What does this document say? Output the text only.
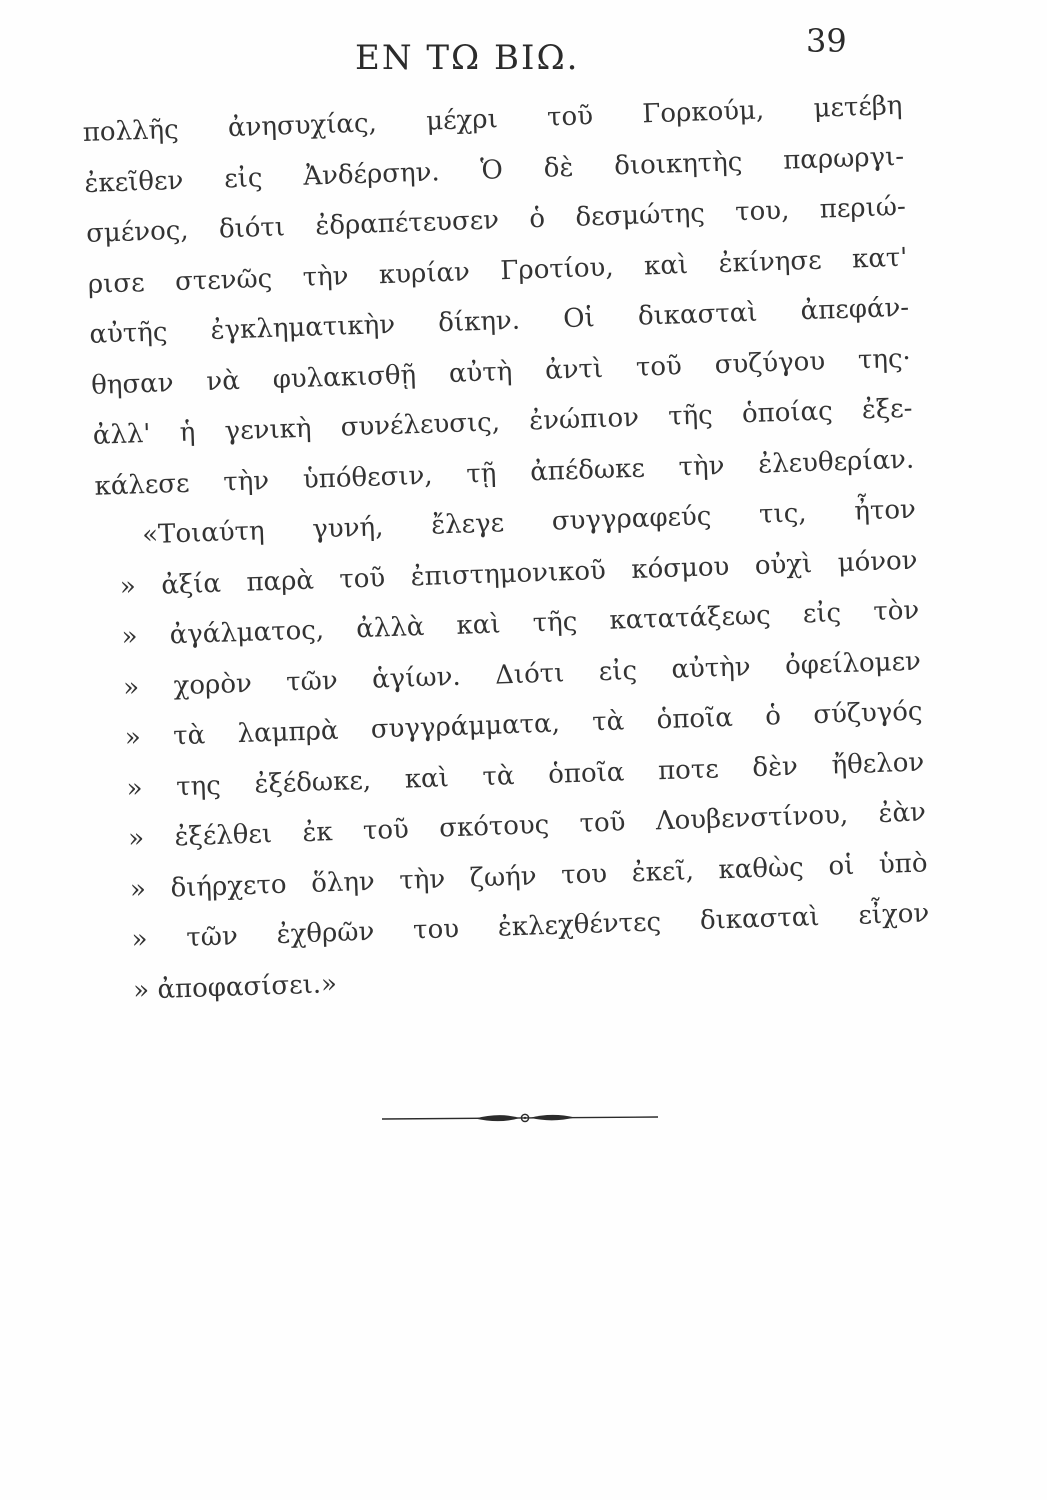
ΕΝ ΤΩ ΒΙΩ.	39
πολλῆς ἀνησυχίας, μέχρι τοῦ Γορκούμ, μετέβη
ἐκεῖθεν εἰς Ἀνδέρσην. Ὁ δὲ διοικητὴς παρωργι-
σμένος, διότι ἐδραπέτευσεν ὁ δεσμώτης του, περιώ-
ρισε στενῶς τὴν κυρίαν Γροτίου, καὶ ἐκίνησε κατ'
αὐτῆς ἐγκληματικὴν δίκην. Οἱ δικασταὶ ἀπεφάν-
θησαν νὰ φυλακισθῇ αὐτὴ ἀντὶ τοῦ συζύγου της·
ἀλλ' ἡ γενικὴ συνέλευσις, ἐνώπιον τῆς ὁποίας ἐξε-
κάλεσε τὴν ὑπόθεσιν, τῇ ἀπέδωκε τὴν ἐλευθερίαν.
«Τοιαύτη γυνή, ἔλεγε συγγραφεύς τις, ἦτον
» ἀξία παρὰ τοῦ ἐπιστημονικοῦ κόσμου οὐχὶ μόνον
» ἀγάλματος, ἀλλὰ καὶ τῆς κατατάξεως εἰς τὸν
» χορὸν τῶν ἁγίων. Διότι εἰς αὐτὴν ὀφείλομεν
» τὰ λαμπρὰ συγγράμματα, τὰ ὁποῖα ὁ σύζυγός
» της ἐξέδωκε, καὶ τὰ ὁποῖα ποτε δὲν ἤθελον
» ἐξέλθει ἐκ τοῦ σκότους τοῦ Λουβενστίνου, ἐὰν
» διήρχετο ὅλην τὴν ζωήν του ἐκεῖ, καθὼς οἱ ὑπὸ
» τῶν ἐχθρῶν του ἐκλεχθέντες δικασταὶ εἶχον
» ἀποφασίσει.»
